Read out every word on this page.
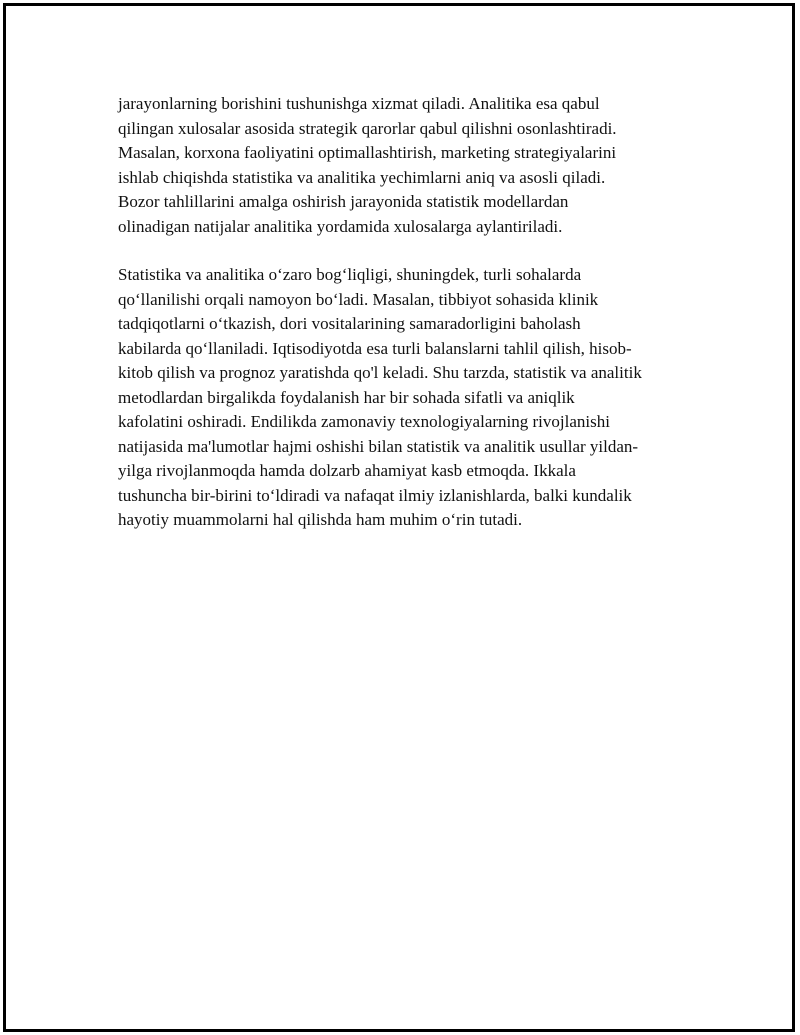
jarayonlarning borishini tushunishga xizmat qiladi. Analitika esa qabul
qilingan xulosalar asosida strategik qarorlar qabul qilishni osonlashtiradi.
Masalan, korxona faoliyatini optimallashtirish, marketing strategiyalarini
ishlab chiqishda statistika va analitika yechimlarni aniq va asosli qiladi.
Bozor tahlillarini amalga oshirish jarayonida statistik modellardan
olinadigan natijalar analitika yordamida xulosalarga aylantiriladi.
Statistika va analitika o‘zaro bog‘liqligi, shuningdek, turli sohalarda
qo‘llanilishi orqali namoyon bo‘ladi. Masalan, tibbiyot sohasida klinik
tadqiqotlarni o‘tkazish, dori vositalarining samaradorligini baholash
kabilarda qo‘llaniladi. Iqtisodiyotda esa turli balanslarni tahlil qilish, hisob-
kitob qilish va prognoz yaratishda qo'l keladi. Shu tarzda, statistik va analitik
metodlardan birgalikda foydalanish har bir sohada sifatli va aniqlik
kafolatini oshiradi. Endilikda zamonaviy texnologiyalarning rivojlanishi
natijasida ma'lumotlar hajmi oshishi bilan statistik va analitik usullar yildan-
yilga rivojlanmoqda hamda dolzarb ahamiyat kasb etmoqda. Ikkala
tushuncha bir-birini to‘ldiradi va nafaqat ilmiy izlanishlarda, balki kundalik
hayotiy muammolarni hal qilishda ham muhim o‘rin tutadi.
